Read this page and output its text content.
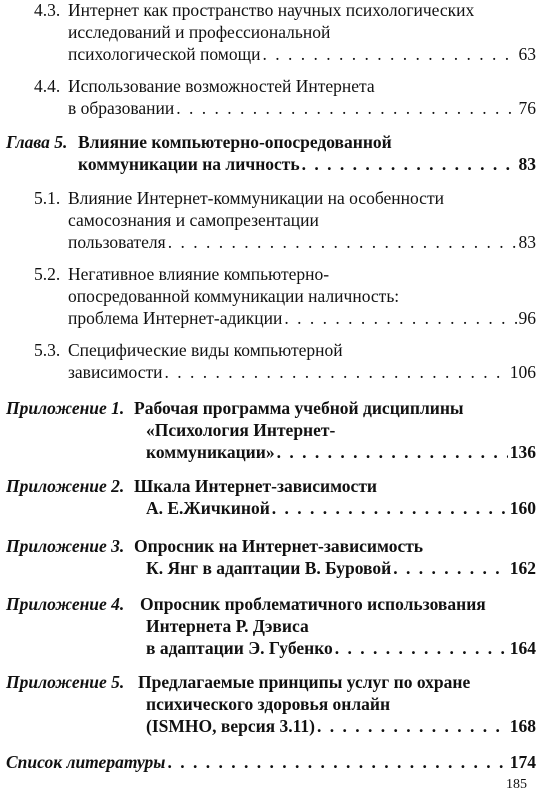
4.3. Интернет как пространство научных психологических
исследований и профессиональной
психологической помощи . . .	63
4.4. Использование возможностей Интернета
в образовании . . .	76
Глава 5. Влияние компьютерно-опосредованной
коммуникации на личность . . .	83
5.1. Влияние Интернет-коммуникации на особенности
самосознания и самопрезентации
пользователя . . .	83
5.2. Негативное влияние компьютерно-
опосредованной коммуникации наличность:
проблема Интернет-адикции . . .	96
5.3. Специфические виды компьютерной
зависимости . . .	106
Приложение 1. Рабочая программа учебной дисциплины
«Психология Интернет-
коммуникации» . . .	136
Приложение 2. Шкала Интернет-зависимости
А. Е.Жичкиной . . .	160
Приложение 3. Опросник на Интернет-зависимость
К. Янг в адаптации В. Буровой . . .	162
Приложение 4. Опросник проблематичного использования
Интернета Р. Дэвиса
в адаптации Э. Губенко . . .	164
Приложение 5. Предлагаемые принципы услуг по охране
психического здоровья онлайн
(ISMHO, версия 3.11) . . .	168
Список литературы . . .	174
185
